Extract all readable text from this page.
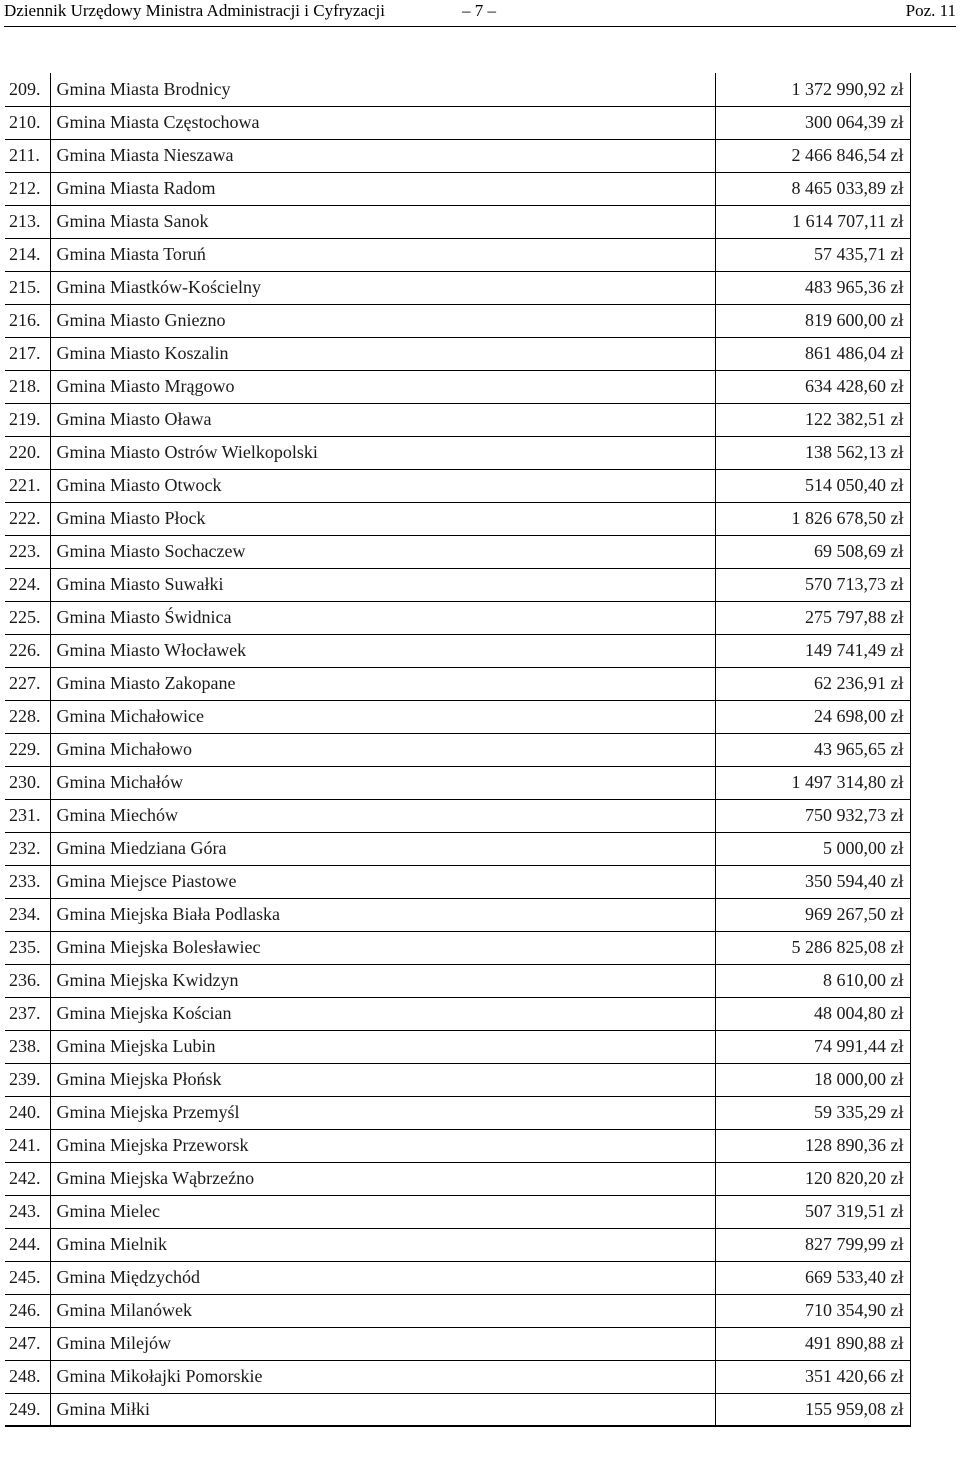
Dziennik Urzędowy Ministra Administracji i Cyfryzacji	– 7 –	Poz. 11
209.	Gmina Miasta Brodnicy	1 372 990,92 zł
210.	Gmina Miasta Częstochowa	300 064,39 zł
211.	Gmina Miasta Nieszawa	2 466 846,54 zł
212.	Gmina Miasta Radom	8 465 033,89 zł
213.	Gmina Miasta Sanok	1 614 707,11 zł
214.	Gmina Miasta Toruń	57 435,71 zł
215.	Gmina Miastków-Kościelny	483 965,36 zł
216.	Gmina Miasto Gniezno	819 600,00 zł
217.	Gmina Miasto Koszalin	861 486,04 zł
218.	Gmina Miasto Mrągowo	634 428,60 zł
219.	Gmina Miasto Oława	122 382,51 zł
220.	Gmina Miasto Ostrów Wielkopolski	138 562,13 zł
221.	Gmina Miasto Otwock	514 050,40 zł
222.	Gmina Miasto Płock	1 826 678,50 zł
223.	Gmina Miasto Sochaczew	69 508,69 zł
224.	Gmina Miasto Suwałki	570 713,73 zł
225.	Gmina Miasto Świdnica	275 797,88 zł
226.	Gmina Miasto Włocławek	149 741,49 zł
227.	Gmina Miasto Zakopane	62 236,91 zł
228.	Gmina Michałowice	24 698,00 zł
229.	Gmina Michałowo	43 965,65 zł
230.	Gmina Michałów	1 497 314,80 zł
231.	Gmina Miechów	750 932,73 zł
232.	Gmina Miedziana Góra	5 000,00 zł
233.	Gmina Miejsce Piastowe	350 594,40 zł
234.	Gmina Miejska Biała Podlaska	969 267,50 zł
235.	Gmina Miejska Bolesławiec	5 286 825,08 zł
236.	Gmina Miejska Kwidzyn	8 610,00 zł
237.	Gmina Miejska Kościan	48 004,80 zł
238.	Gmina Miejska Lubin	74 991,44 zł
239.	Gmina Miejska Płońsk	18 000,00 zł
240.	Gmina Miejska Przemyśl	59 335,29 zł
241.	Gmina Miejska Przeworsk	128 890,36 zł
242.	Gmina Miejska Wąbrzeźno	120 820,20 zł
243.	Gmina Mielec	507 319,51 zł
244.	Gmina Mielnik	827 799,99 zł
245.	Gmina Międzychód	669 533,40 zł
246.	Gmina Milanówek	710 354,90 zł
247.	Gmina Milejów	491 890,88 zł
248.	Gmina Mikołajki Pomorskie	351 420,66 zł
249.	Gmina Miłki	155 959,08 zł
